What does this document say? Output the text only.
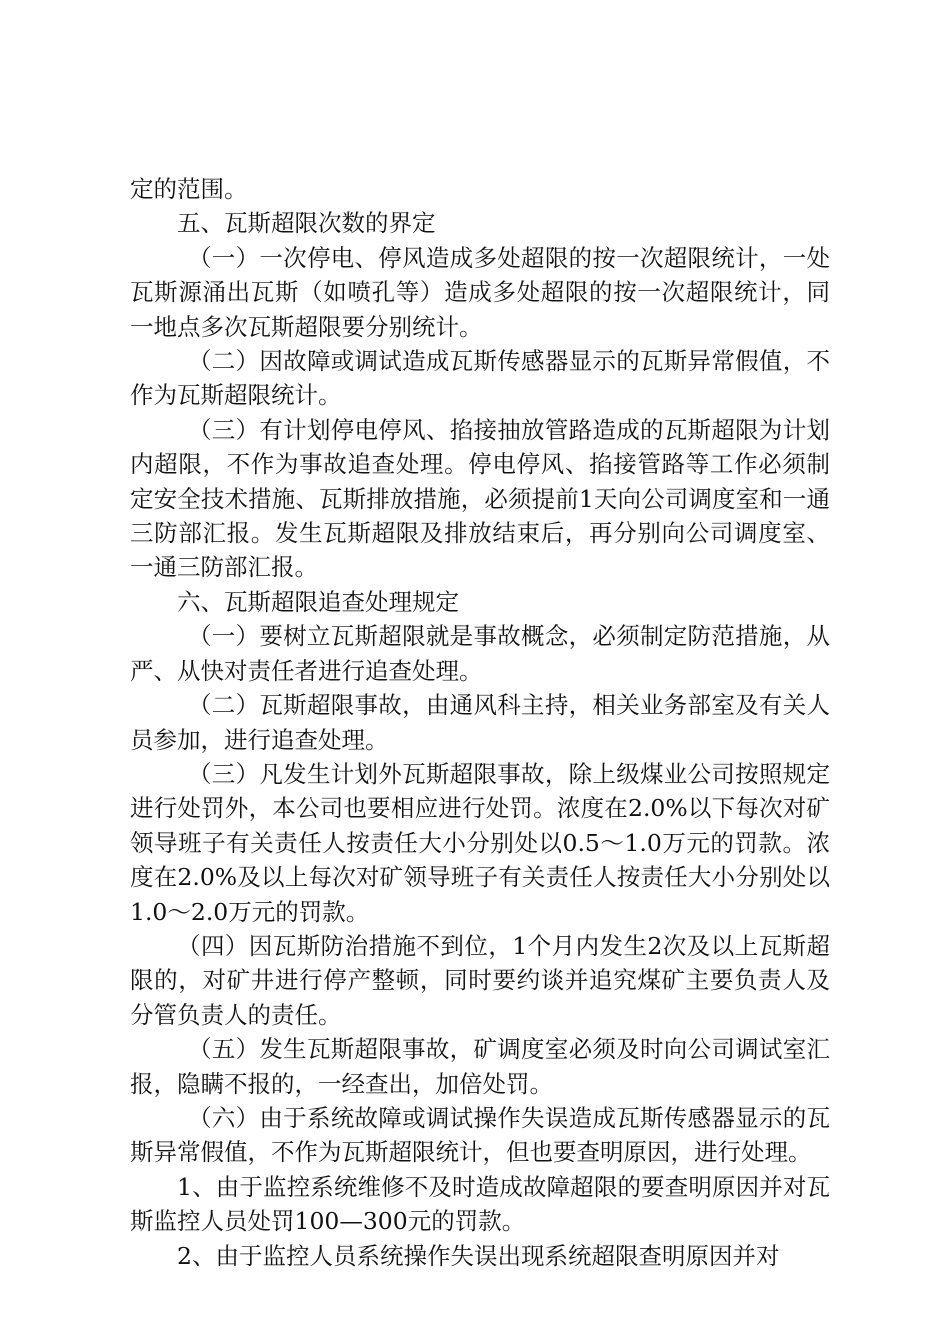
定的范围。

五、瓦斯超限次数的界定

（一）一次停电、停风造成多处超限的按一次超限统计，一处瓦斯源涌出瓦斯（如喷孔等）造成多处超限的按一次超限统计，同一地点多次瓦斯超限要分别统计。

（二）因故障或调试造成瓦斯传感器显示的瓦斯异常假值，不作为瓦斯超限统计。

（三）有计划停电停风、掐接抽放管路造成的瓦斯超限为计划内超限，不作为事故追查处理。停电停风、掐接管路等工作必须制定安全技术措施、瓦斯排放措施，必须提前1天向公司调度室和一通三防部汇报。发生瓦斯超限及排放结束后，再分别向公司调度室、一通三防部汇报。

六、瓦斯超限追查处理规定

（一）要树立瓦斯超限就是事故概念，必须制定防范措施，从严、从快对责任者进行追查处理。

（二）瓦斯超限事故，由通风科主持，相关业务部室及有关人员参加，进行追查处理。

（三）凡发生计划外瓦斯超限事故，除上级煤业公司按照规定进行处罚外，本公司也要相应进行处罚。浓度在2.0%以下每次对矿领导班子有关责任人按责任大小分别处以0.5～1.0万元的罚款。浓度在2.0%及以上每次对矿领导班子有关责任人按责任大小分别处以1.0～2.0万元的罚款。

（四）因瓦斯防治措施不到位，1个月内发生2次及以上瓦斯超限的，对矿井进行停产整顿，同时要约谈并追究煤矿主要负责人及分管负责人的责任。

（五）发生瓦斯超限事故，矿调度室必须及时向公司调试室汇报，隐瞒不报的，一经查出，加倍处罚。

（六）由于系统故障或调试操作失误造成瓦斯传感器显示的瓦斯异常假值，不作为瓦斯超限统计，但也要查明原因，进行处理。

1、由于监控系统维修不及时造成故障超限的要查明原因并对瓦斯监控人员处罚100—300元的罚款。

2、由于监控人员系统操作失误出现系统超限查明原因并对
